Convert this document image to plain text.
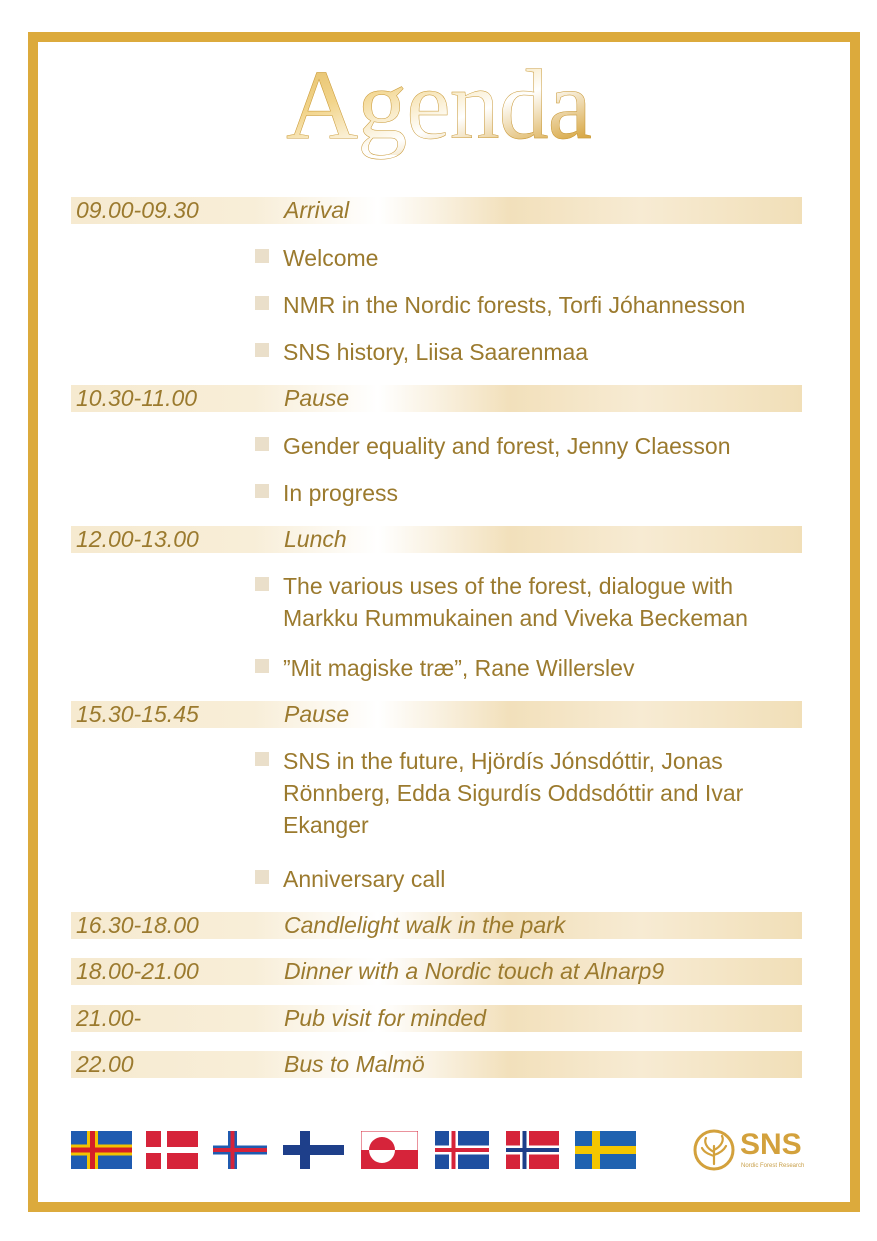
Agenda
09.00-09.30	Arrival
Welcome
NMR in the Nordic forests, Torfi Jóhannesson
SNS history, Liisa Saarenmaa
10.30-11.00	Pause
Gender equality and forest, Jenny Claesson
In progress
12.00-13.00	Lunch
The various uses of the forest, dialogue with Markku Rummukainen and Viveka Beckeman
”Mit magiske træ”, Rane Willerslev
15.30-15.45	Pause
SNS in the future, Hjördís Jónsdóttir, Jonas Rönnberg, Edda Sigurdís Oddsdóttir and Ivar Ekanger
Anniversary call
16.30-18.00	Candlelight walk in the park
18.00-21.00	Dinner with a Nordic touch at Alnarp9
21.00-	Pub visit for minded
22.00	Bus to Malmö
SNS
Nordic Forest Research
